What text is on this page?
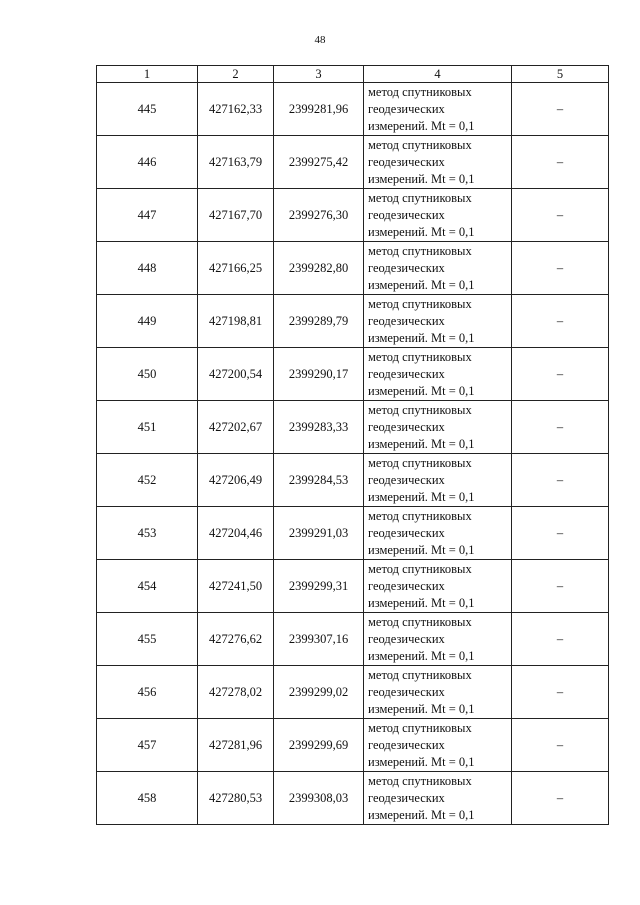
48
1	2	3	4	5
445	427162,33	2399281,96	метод спутниковых
геодезических
измерений. Mt = 0,1	–
446	427163,79	2399275,42	метод спутниковых
геодезических
измерений. Mt = 0,1	–
447	427167,70	2399276,30	метод спутниковых
геодезических
измерений. Mt = 0,1	–
448	427166,25	2399282,80	метод спутниковых
геодезических
измерений. Mt = 0,1	–
449	427198,81	2399289,79	метод спутниковых
геодезических
измерений. Mt = 0,1	–
450	427200,54	2399290,17	метод спутниковых
геодезических
измерений. Mt = 0,1	–
451	427202,67	2399283,33	метод спутниковых
геодезических
измерений. Mt = 0,1	–
452	427206,49	2399284,53	метод спутниковых
геодезических
измерений. Mt = 0,1	–
453	427204,46	2399291,03	метод спутниковых
геодезических
измерений. Mt = 0,1	–
454	427241,50	2399299,31	метод спутниковых
геодезических
измерений. Mt = 0,1	–
455	427276,62	2399307,16	метод спутниковых
геодезических
измерений. Mt = 0,1	–
456	427278,02	2399299,02	метод спутниковых
геодезических
измерений. Mt = 0,1	–
457	427281,96	2399299,69	метод спутниковых
геодезических
измерений. Mt = 0,1	–
458	427280,53	2399308,03	метод спутниковых
геодезических
измерений. Mt = 0,1	–
